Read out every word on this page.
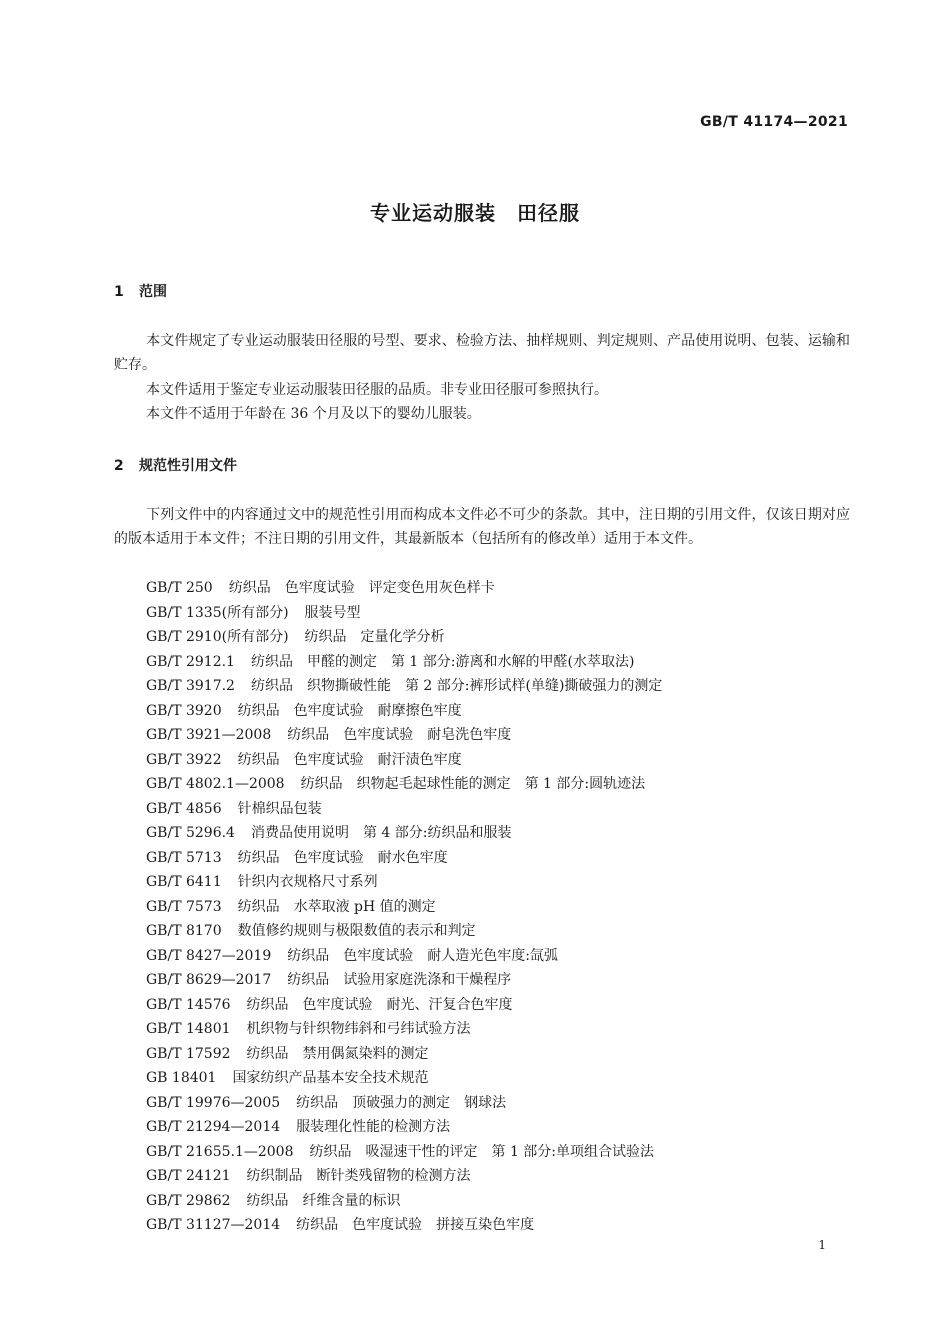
GB/T 41174—2021
专业运动服装　田径服
1 范围
本文件规定了专业运动服装田径服的号型、要求、检验方法、抽样规则、判定规则、产品使用说明、包装、运输和贮存。
本文件适用于鉴定专业运动服装田径服的品质。非专业田径服可参照执行。
本文件不适用于年龄在 36 个月及以下的婴幼儿服装。
2 规范性引用文件
下列文件中的内容通过文中的规范性引用而构成本文件必不可少的条款。其中，注日期的引用文件，仅该日期对应的版本适用于本文件；不注日期的引用文件，其最新版本（包括所有的修改单）适用于本文件。
GB/T 250 纺织品　色牢度试验　评定变色用灰色样卡
GB/T 1335(所有部分) 服装号型
GB/T 2910(所有部分) 纺织品　定量化学分析
GB/T 2912.1 纺织品　甲醛的测定　第 1 部分:游离和水解的甲醛(水萃取法)
GB/T 3917.2 纺织品　织物撕破性能　第 2 部分:裤形试样(单缝)撕破强力的测定
GB/T 3920 纺织品　色牢度试验　耐摩擦色牢度
GB/T 3921—2008 纺织品　色牢度试验　耐皂洗色牢度
GB/T 3922 纺织品　色牢度试验　耐汗渍色牢度
GB/T 4802.1—2008 纺织品　织物起毛起球性能的测定　第 1 部分:圆轨迹法
GB/T 4856 针棉织品包装
GB/T 5296.4 消费品使用说明　第 4 部分:纺织品和服装
GB/T 5713 纺织品　色牢度试验　耐水色牢度
GB/T 6411 针织内衣规格尺寸系列
GB/T 7573 纺织品　水萃取液 pH 值的测定
GB/T 8170 数值修约规则与极限数值的表示和判定
GB/T 8427—2019 纺织品　色牢度试验　耐人造光色牢度:氙弧
GB/T 8629—2017 纺织品　试验用家庭洗涤和干燥程序
GB/T 14576 纺织品　色牢度试验　耐光、汗复合色牢度
GB/T 14801 机织物与针织物纬斜和弓纬试验方法
GB/T 17592 纺织品　禁用偶氮染料的测定
GB 18401 国家纺织产品基本安全技术规范
GB/T 19976—2005 纺织品　顶破强力的测定　钢球法
GB/T 21294—2014 服装理化性能的检测方法
GB/T 21655.1—2008 纺织品　吸湿速干性的评定　第 1 部分:单项组合试验法
GB/T 24121 纺织制品　断针类残留物的检测方法
GB/T 29862 纺织品　纤维含量的标识
GB/T 31127—2014 纺织品　色牢度试验　拼接互染色牢度
1
